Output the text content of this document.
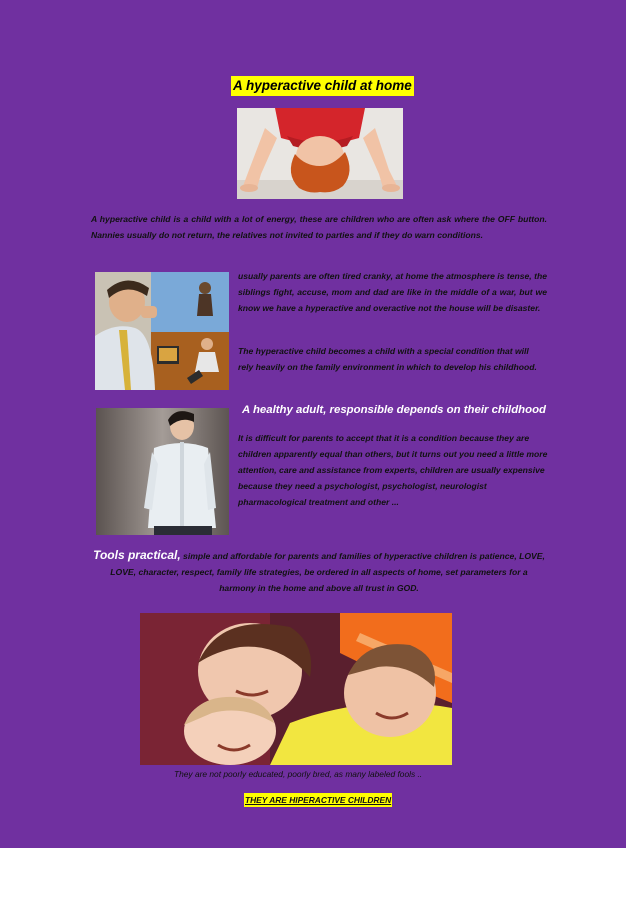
A hyperactive child at home

A hyperactive child is a child with a lot of energy, these are children who are often ask where the OFF button. Nannies usually do not return, the relatives not invited to parties and if they do warn conditions.

usually parents are often tired cranky, at home the atmosphere is tense, the siblings fight, accuse, mom and dad are like in the middle of a war, but we know we have a hyperactive and overactive not the house will be disaster.

The hyperactive child becomes a child with a special condition that will rely heavily on the family environment in which to develop his childhood.

A healthy adult, responsible depends on their childhood

It is difficult for parents to accept that it is a condition because they are children apparently equal than others, but it turns out you need a little more attention, care and assistance from experts, children are usually expensive because they need a psychologist, psychologist, neurologist pharmacological treatment and other ...

Tools practical, simple and affordable for parents and families of hyperactive children is patience, LOVE, LOVE, character, respect, family life strategies, be ordered in all aspects of home, set parameters for a harmony in the home and above all trust in GOD.
They are not poorly educated, poorly bred, as many labeled fools ..
THEY ARE HIPERACTIVE CHILDREN
